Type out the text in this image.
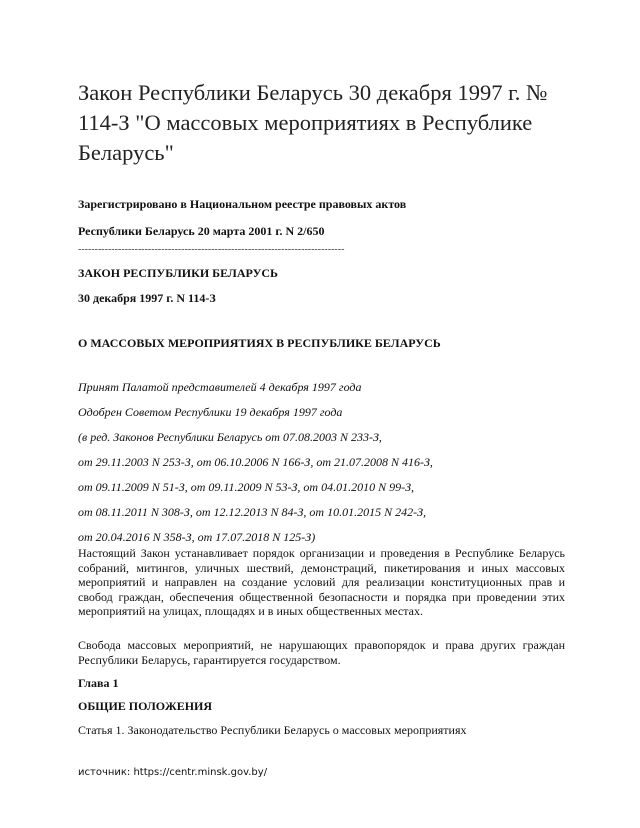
Закон Республики Беларусь 30 декабря 1997 г. № 114-З "О массовых мероприятиях в Республике Беларусь"
Зарегистрировано в Национальном реестре правовых актов
Республики Беларусь 20 марта 2001 г. N 2/650
--------------------------------------------------------------------------------
ЗАКОН РЕСПУБЛИКИ БЕЛАРУСЬ
30 декабря 1997 г. N 114-З
О МАССОВЫХ МЕРОПРИЯТИЯХ В РЕСПУБЛИКЕ БЕЛАРУСЬ
Принят Палатой представителей 4 декабря 1997 года
Одобрен Советом Республики 19 декабря 1997 года
(в ред. Законов Республики Беларусь от 07.08.2003 N 233-З,
от 29.11.2003 N 253-З, от 06.10.2006 N 166-З, от 21.07.2008 N 416-З,
от 09.11.2009 N 51-З, от 09.11.2009 N 53-З, от 04.01.2010 N 99-З,
от 08.11.2011 N 308-З, от 12.12.2013 N 84-З, от 10.01.2015 N 242-З,
от 20.04.2016 N 358-З, от 17.07.2018 N 125-З)
Настоящий Закон устанавливает порядок организации и проведения в Республике Беларусь собраний, митингов, уличных шествий, демонстраций, пикетирования и иных массовых мероприятий и направлен на создание условий для реализации конституционных прав и свобод граждан, обеспечения общественной безопасности и порядка при проведении этих мероприятий на улицах, площадях и в иных общественных местах.
Свобода массовых мероприятий, не нарушающих правопорядок и права других граждан Республики Беларусь, гарантируется государством.
Глава 1
ОБЩИЕ ПОЛОЖЕНИЯ
Статья 1. Законодательство Республики Беларусь о массовых мероприятиях
источник: https://centr.minsk.gov.by/
